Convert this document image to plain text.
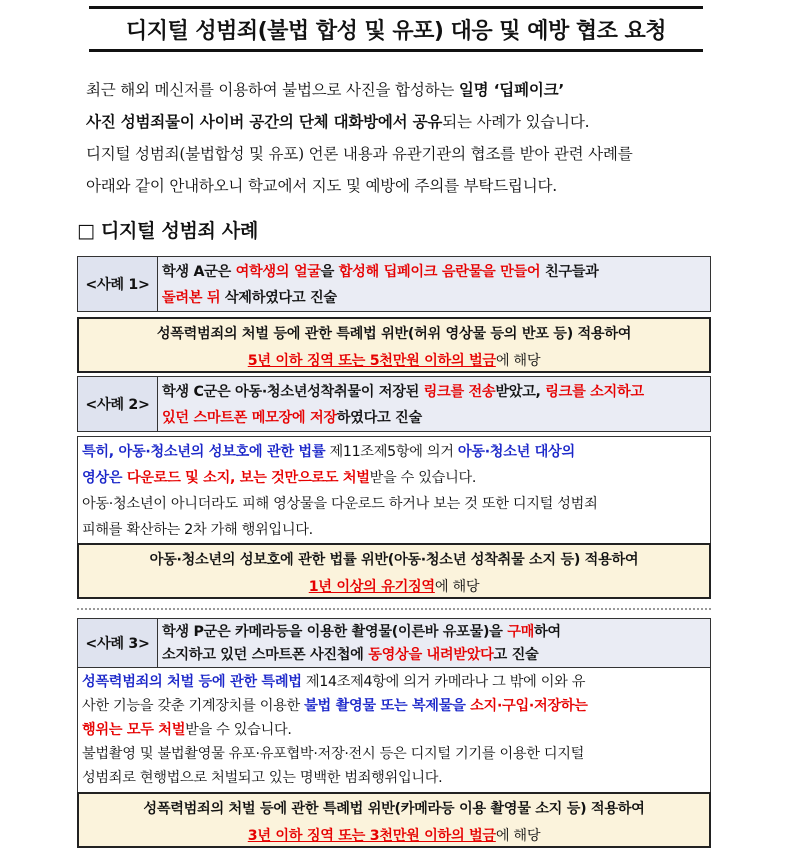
디지털 성범죄(불법 합성 및 유포) 대응 및 예방 협조 요청

최근 해외 메신저를 이용하여 불법으로 사진을 합성하는 일명 ‘딥페이크’

사진 성범죄물이 사이버 공간의 단체 대화방에서 공유되는 사례가 있습니다.

디지털 성범죄(불법합성 및 유포) 언론 내용과 유관기관의 협조를 받아 관련 사례를

아래와 같이 안내하오니 학교에서 지도 및 예방에 주의를 부탁드립니다.

□ 디지털 성범죄 사례
<사례 1>
학생 A군은 여학생의 얼굴을 합성해 딥페이크 음란물을 만들어 친구들과
돌려본 뒤 삭제하였다고 진술
성폭력범죄의 처벌 등에 관한 특례법 위반(허위 영상물 등의 반포 등) 적용하여
5년 이하 징역 또는 5천만원 이하의 벌금에 해당
<사례 2>
학생 C군은 아동·청소년성착취물이 저장된 링크를 전송받았고, 링크를 소지하고
있던 스마트폰 메모장에 저장하였다고 진술
특히, 아동·청소년의 성보호에 관한 법률 제11조제5항에 의거 아동·청소년 대상의
영상은 다운로드 및 소지, 보는 것만으로도 처벌받을 수 있습니다.
아동·청소년이 아니더라도 피해 영상물을 다운로드 하거나 보는 것 또한 디지털 성범죄
피해를 확산하는 2차 가해 행위입니다.
아동·청소년의 성보호에 관한 법률 위반(아동·청소년 성착취물 소지 등) 적용하여
1년 이상의 유기징역에 해당
<사례 3>
학생 P군은 카메라등을 이용한 촬영물(이른바 유포물)을 구매하여
소지하고 있던 스마트폰 사진첩에 동영상을 내려받았다고 진술
성폭력범죄의 처벌 등에 관한 특례법 제14조제4항에 의거 카메라나 그 밖에 이와 유
사한 기능을 갖춘 기계장치를 이용한 불법 촬영물 또는 복제물을 소지·구입·저장하는
행위는 모두 처벌받을 수 있습니다.
불법촬영 및 불법촬영물 유포·유포협박·저장·전시 등은 디지털 기기를 이용한 디지털
성범죄로 현행법으로 처벌되고 있는 명백한 범죄행위입니다.
성폭력범죄의 처벌 등에 관한 특례법 위반(카메라등 이용 촬영물 소지 등) 적용하여
3년 이하 징역 또는 3천만원 이하의 벌금에 해당
